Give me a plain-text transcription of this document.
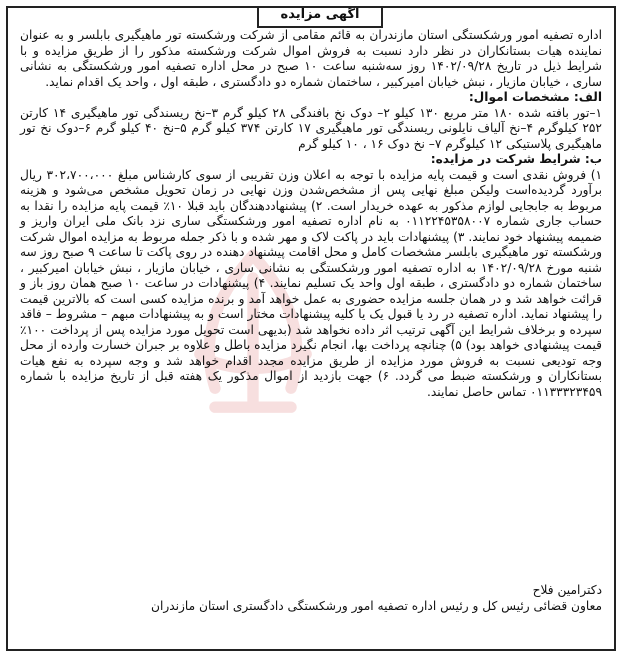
آگهی مزایده

اداره تصفیه امور ورشکستگی استان مازندران به قائم مقامی از شرکت ورشکسته تور ماهیگیری بابلسر و به عنوان نماینده هیات بستانکاران در نظر دارد نسبت به فروش اموال شرکت ورشکسته مذکور را از طریق مزایده و با شرایط ذیل در تاریخ ۱۴۰۲/۰۹/۲۸ روز سه‌شنبه ساعت ۱۰ صبح در محل اداره تصفیه امور ورشکستگی به نشانی ساری ، خیابان مازیار ، نبش خیابان امیرکبیر ، ساختمان شماره دو دادگستری ، طبقه اول ، واحد یک اقدام نماید.

الف: مشخصات اموال:

۱–تور بافته شده ۱۸۰ متر مربع ۱۳۰ کیلو ۲– دوک نخ بافندگی ۲۸ کیلو گرم ۳–نخ ریسندگی تور ماهیگیری ۱۴ کارتن ۲۵۲ کیلوگرم ۴–نخ آلیاف نایلونی ریسندگی تور ماهیگیری ۱۷ کارتن ۳۷۴ کیلو گرم ۵–نخ ۴۰ کیلو گرم ۶–دوک نخ تور ماهیگیری پلاستیکی ۱۲ کیلوگرم ۷– نخ دوک ۱۶ ، ۱۰ کیلو گرم

ب: شرایط شرکت در مزایده:

۱) فروش نقدی است و قیمت پایه مزایده با توجه به اعلان وزن تقریبی از سوی کارشناس مبلغ ۳۰۲،۷۰۰،۰۰۰ ریال برآورد گردیده‌است ولیکن مبلغ نهایی پس از مشخص‌شدن وزن نهایی در زمان تحویل مشخص می‌شود و هزینه مربوط به جابجایی لوازم مذکور به عهده خریدار است. ۲) پیشنهاددهندگان باید قبلا ۱۰٪ قیمت پایه مزایده را نقدا به حساب جاری شماره ۰۱۱۲۲۴۵۳۵۸۰۰۷ به نام اداره تصفیه امور ورشکستگی ساری نزد بانک ملی ایران واریز و ضمیمه پیشنهاد خود نمایند. ۳) پیشنهادات باید در پاکت لاک و مهر شده و با ذکر جمله مربوط به مزایده اموال شرکت ورشکسته تور ماهیگیری بابلسر مشخصات کامل و محل اقامت پیشنهاد دهنده در روی پاکت تا ساعت ۹ صبح روز سه شنبه مورخ ۱۴۰۲/۰۹/۲۸ به اداره تصفیه امور ورشکستگی به نشانی ساری ، خیابان مازیار ، نبش خیابان امیرکبیر ، ساختمان شماره دو دادگستری ، طبقه اول واحد یک تسلیم نمایند. ۴) پیشنهادات در ساعت ۱۰ صبح همان روز باز و قرائت خواهد شد و در همان جلسه مزایده حضوری به عمل خواهد آمد و برنده مزایده کسی است که بالاترین قیمت را پیشنهاد نماید. اداره تصفیه در رد یا قبول یک یا کلیه پیشنهادات مختار است و به پیشنهادات مبهم – مشروط – فاقد سپرده و برخلاف شرایط این آگهی ترتیب اثر داده نخواهد شد (بدیهی است تحویل مورد مزایده پس از پرداخت ۱۰۰٪ قیمت پیشنهادی خواهد بود) ۵) چنانچه پرداخت بها، انجام نگیرد مزایده باطل و علاوه بر جبران خسارت وارده از محل وجه تودیعی نسبت به فروش مورد مزایده از طریق مزایده مجدد اقدام خواهد شد و وجه سپرده به نفع هیات بستانکاران و ورشکسته ضبط می گردد. ۶) جهت بازدید از اموال مذکور یک هفته قبل از تاریخ مزایده با شماره ۰۱۱۳۳۳۲۳۴۵۹ تماس حاصل نمایند.

دکترامین فلاح

معاون قضائی رئیس کل و رئیس اداره تصفیه امور ورشکستگی دادگستری استان مازندران
